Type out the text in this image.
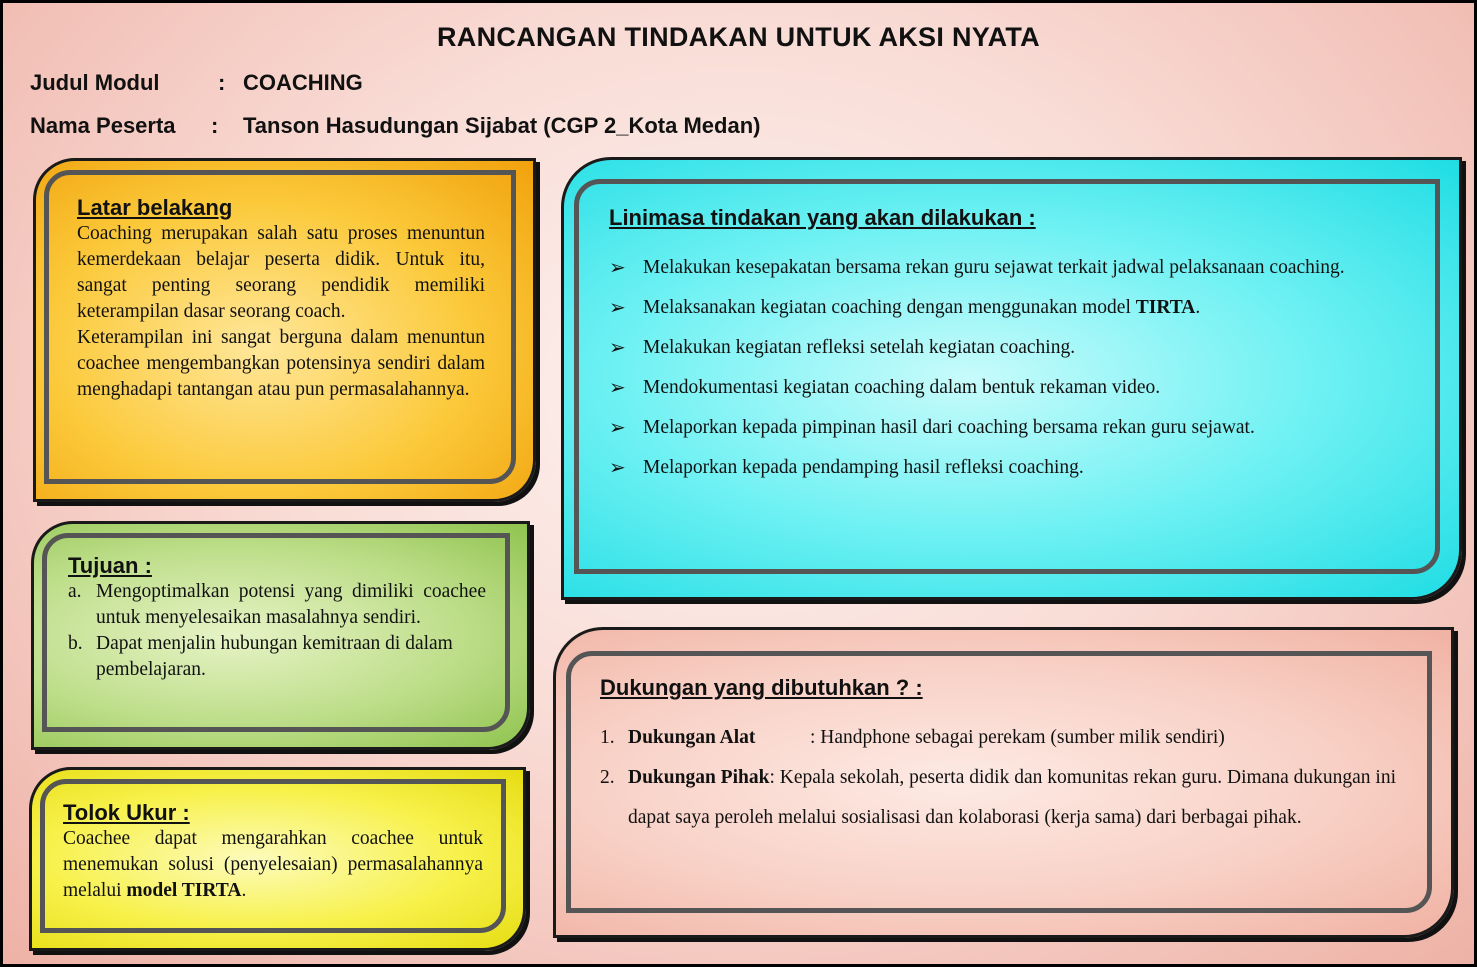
RANCANGAN TINDAKAN UNTUK AKSI NYATA
Judul Modul	: COACHING
Nama Peserta : Tanson Hasudungan Sijabat (CGP 2_Kota Medan)
Latar belakang
Coaching merupakan salah satu proses menuntun kemerdekaan belajar peserta didik. Untuk itu, sangat penting seorang pendidik memiliki keterampilan dasar seorang coach.
Keterampilan ini sangat berguna dalam menuntun coachee mengembangkan potensinya sendiri dalam menghadapi tantangan atau pun permasalahannya.
Tujuan :
a. Mengoptimalkan potensi yang dimiliki coachee untuk menyelesaikan masalahnya sendiri.
b. Dapat menjalin hubungan kemitraan di dalam pembelajaran.
Tolok Ukur :
Coachee dapat mengarahkan coachee untuk menemukan solusi (penyelesaian) permasalahannya melalui model TIRTA.
Linimasa tindakan yang akan dilakukan :
➢ Melakukan kesepakatan bersama rekan guru sejawat terkait jadwal pelaksanaan coaching.
➢ Melaksanakan kegiatan coaching dengan menggunakan model TIRTA.
➢ Melakukan kegiatan refleksi setelah kegiatan coaching.
➢ Mendokumentasi kegiatan coaching dalam bentuk rekaman video.
➢ Melaporkan kepada pimpinan hasil dari coaching bersama rekan guru sejawat.
➢ Melaporkan kepada pendamping hasil refleksi coaching.
Dukungan yang dibutuhkan ? :
1. Dukungan Alat	: Handphone sebagai perekam (sumber milik sendiri)
2. Dukungan Pihak: Kepala sekolah, peserta didik dan komunitas rekan guru. Dimana dukungan ini dapat saya peroleh melalui sosialisasi dan kolaborasi (kerja sama) dari berbagai pihak.
